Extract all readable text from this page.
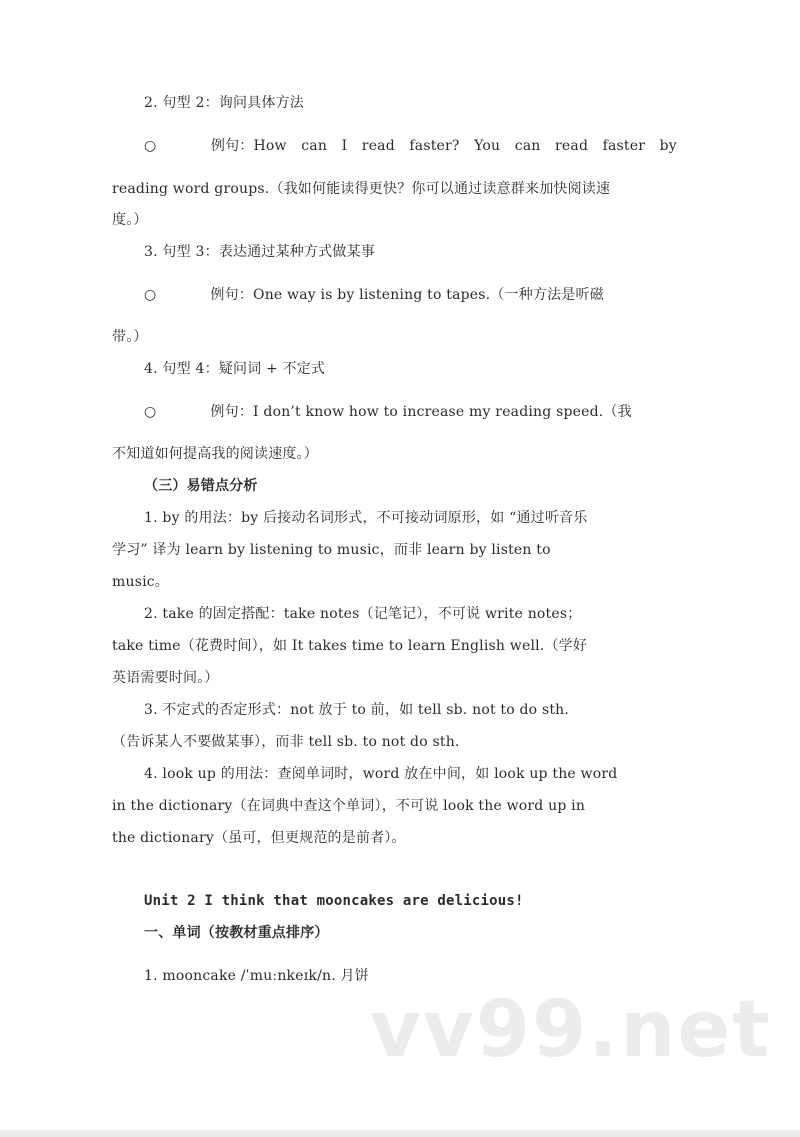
2. 句型 2：询问具体方法
○	例句：How can I read faster? You can read faster by
reading word groups.（我如何能读得更快？你可以通过读意群来加快阅读速
度。）
3. 句型 3：表达通过某种方式做某事
○	例句：One way is by listening to tapes.（一种方法是听磁
带。）
4. 句型 4：疑问词 + 不定式
○	例句：I don’t know how to increase my reading speed.（我
不知道如何提高我的阅读速度。）
（三）易错点分析
1. by 的用法：by 后接动名词形式，不可接动词原形，如 “通过听音乐
学习” 译为 learn by listening to music，而非 learn by listen to
music。
2. take 的固定搭配：take notes（记笔记），不可说 write notes；
take time（花费时间），如 It takes time to learn English well.（学好
英语需要时间。）
3. 不定式的否定形式：not 放于 to 前，如 tell sb. not to do sth.
（告诉某人不要做某事），而非 tell sb. to not do sth.
4. look up 的用法：查阅单词时，word 放在中间，如 look up the word
in the dictionary（在词典中查这个单词），不可说 look the word up in
the dictionary（虽可，但更规范的是前者）。
Unit 2 I think that mooncakes are delicious!
一、单词（按教材重点排序）
1. mooncake /ˈmuːnkeɪk/n. 月饼
vv99.net
